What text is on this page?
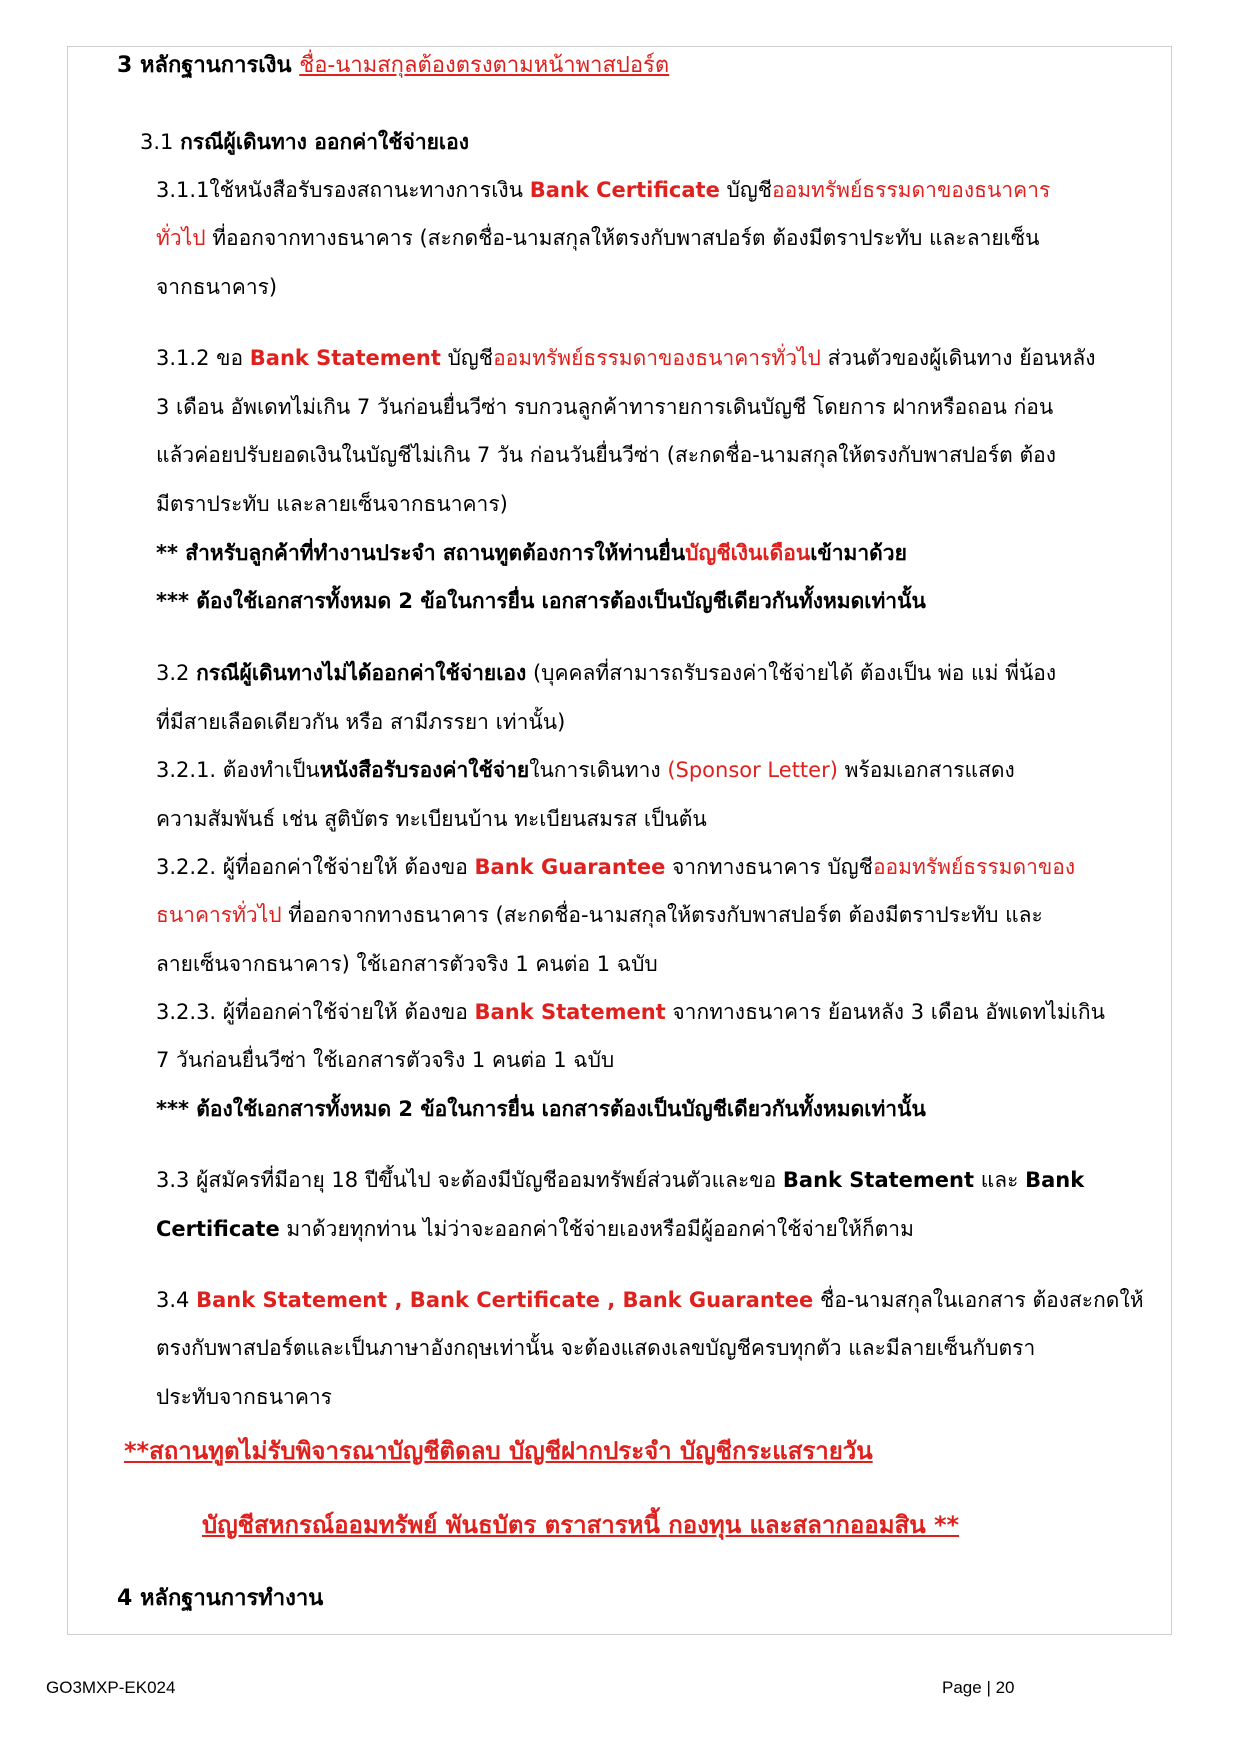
3 หลักฐานการเงิน ชื่อ-นามสกุลต้องตรงตามหน้าพาสปอร์ต
3.1 กรณีผู้เดินทาง ออกค่าใช้จ่ายเอง
3.1.1ใช้หนังสือรับรองสถานะทางการเงิน Bank Certificate บัญชีออมทรัพย์ธรรมดาของธนาคาร
ทั่วไป ที่ออกจากทางธนาคาร (สะกดชื่อ-นามสกุลให้ตรงกับพาสปอร์ต ต้องมีตราประทับ และลายเซ็น
จากธนาคาร)
3.1.2 ขอ Bank Statement บัญชีออมทรัพย์ธรรมดาของธนาคารทั่วไป ส่วนตัวของผู้เดินทาง ย้อนหลัง
3 เดือน อัพเดทไม่เกิน 7 วันก่อนยื่นวีซ่า รบกวนลูกค้าทารายการเดินบัญชี โดยการ ฝากหรือถอน ก่อน
แล้วค่อยปรับยอดเงินในบัญชีไม่เกิน 7 วัน ก่อนวันยื่นวีซ่า (สะกดชื่อ-นามสกุลให้ตรงกับพาสปอร์ต ต้อง
มีตราประทับ และลายเซ็นจากธนาคาร)
** สำหรับลูกค้าที่ทำงานประจำ สถานทูตต้องการให้ท่านยื่นบัญชีเงินเดือนเข้ามาด้วย
*** ต้องใช้เอกสารทั้งหมด 2 ข้อในการยื่น เอกสารต้องเป็นบัญชีเดียวกันทั้งหมดเท่านั้น
3.2 กรณีผู้เดินทางไม่ได้ออกค่าใช้จ่ายเอง (บุคคลที่สามารถรับรองค่าใช้จ่ายได้ ต้องเป็น พ่อ แม่ พี่น้อง
ที่มีสายเลือดเดียวกัน หรือ สามีภรรยา เท่านั้น)
3.2.1. ต้องทำเป็นหนังสือรับรองค่าใช้จ่ายในการเดินทาง (Sponsor Letter) พร้อมเอกสารแสดง
ความสัมพันธ์ เช่น สูติบัตร ทะเบียนบ้าน ทะเบียนสมรส เป็นต้น
3.2.2. ผู้ที่ออกค่าใช้จ่ายให้ ต้องขอ Bank Guarantee จากทางธนาคาร บัญชีออมทรัพย์ธรรมดาของ
ธนาคารทั่วไป ที่ออกจากทางธนาคาร (สะกดชื่อ-นามสกุลให้ตรงกับพาสปอร์ต ต้องมีตราประทับ และ
ลายเซ็นจากธนาคาร) ใช้เอกสารตัวจริง 1 คนต่อ 1 ฉบับ
3.2.3. ผู้ที่ออกค่าใช้จ่ายให้ ต้องขอ Bank Statement จากทางธนาคาร ย้อนหลัง 3 เดือน อัพเดทไม่เกิน
7 วันก่อนยื่นวีซ่า ใช้เอกสารตัวจริง 1 คนต่อ 1 ฉบับ
*** ต้องใช้เอกสารทั้งหมด 2 ข้อในการยื่น เอกสารต้องเป็นบัญชีเดียวกันทั้งหมดเท่านั้น
3.3 ผู้สมัครที่มีอายุ 18 ปีขึ้นไป จะต้องมีบัญชีออมทรัพย์ส่วนตัวและขอ Bank Statement และ Bank
Certificate มาด้วยทุกท่าน ไม่ว่าจะออกค่าใช้จ่ายเองหรือมีผู้ออกค่าใช้จ่ายให้ก็ตาม
3.4 Bank Statement , Bank Certificate , Bank Guarantee ชื่อ-นามสกุลในเอกสาร ต้องสะกดให้
ตรงกับพาสปอร์ตและเป็นภาษาอังกฤษเท่านั้น จะต้องแสดงเลขบัญชีครบทุกตัว และมีลายเซ็นกับตรา
ประทับจากธนาคาร
**สถานทูตไม่รับพิจารณาบัญชีติดลบ บัญชีฝากประจำ บัญชีกระแสรายวัน
บัญชีสหกรณ์ออมทรัพย์ พันธบัตร ตราสารหนี้ กองทุน และสลากออมสิน **
4 หลักฐานการทำงาน
GO3MXP-EK024	Page | 20
